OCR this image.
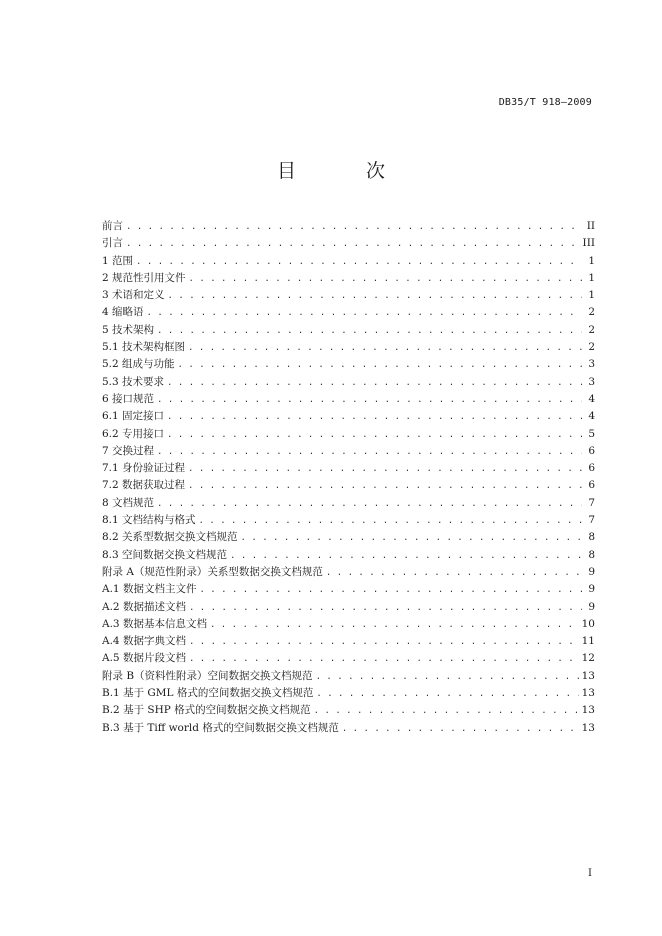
DB35/T 918—2009
目 次
前言 . . .	II
引言 . . .	III
1 范围 . . .	1
2 规范性引用文件 . . .	1
3 术语和定义 . . .	1
4 缩略语 . . .	2
5 技术架构 . . .	2
5.1 技术架构框图 . . .	2
5.2 组成与功能 . . .	3
5.3 技术要求 . . .	3
6 接口规范 . . .	4
6.1 固定接口 . . .	4
6.2 专用接口 . . .	5
7 交换过程 . . .	6
7.1 身份验证过程 . . .	6
7.2 数据获取过程 . . .	6
8 文档规范 . . .	7
8.1 文档结构与格式 . . .	7
8.2 关系型数据交换文档规范 . . .	8
8.3 空间数据交换文档规范 . . .	8
附录 A（规范性附录）关系型数据交换文档规范 . . .	9
A.1 数据文档主文件 . . .	9
A.2 数据描述文档 . . .	9
A.3 数据基本信息文档 . . .	10
A.4 数据字典文档 . . .	11
A.5 数据片段文档 . . .	12
附录 B（资料性附录）空间数据交换文档规范 . . .	13
B.1 基于 GML 格式的空间数据交换文档规范 . . .	13
B.2 基于 SHP 格式的空间数据交换文档规范 . . .	13
B.3 基于 Tiff world 格式的空间数据交换文档规范 . . .	13
I
